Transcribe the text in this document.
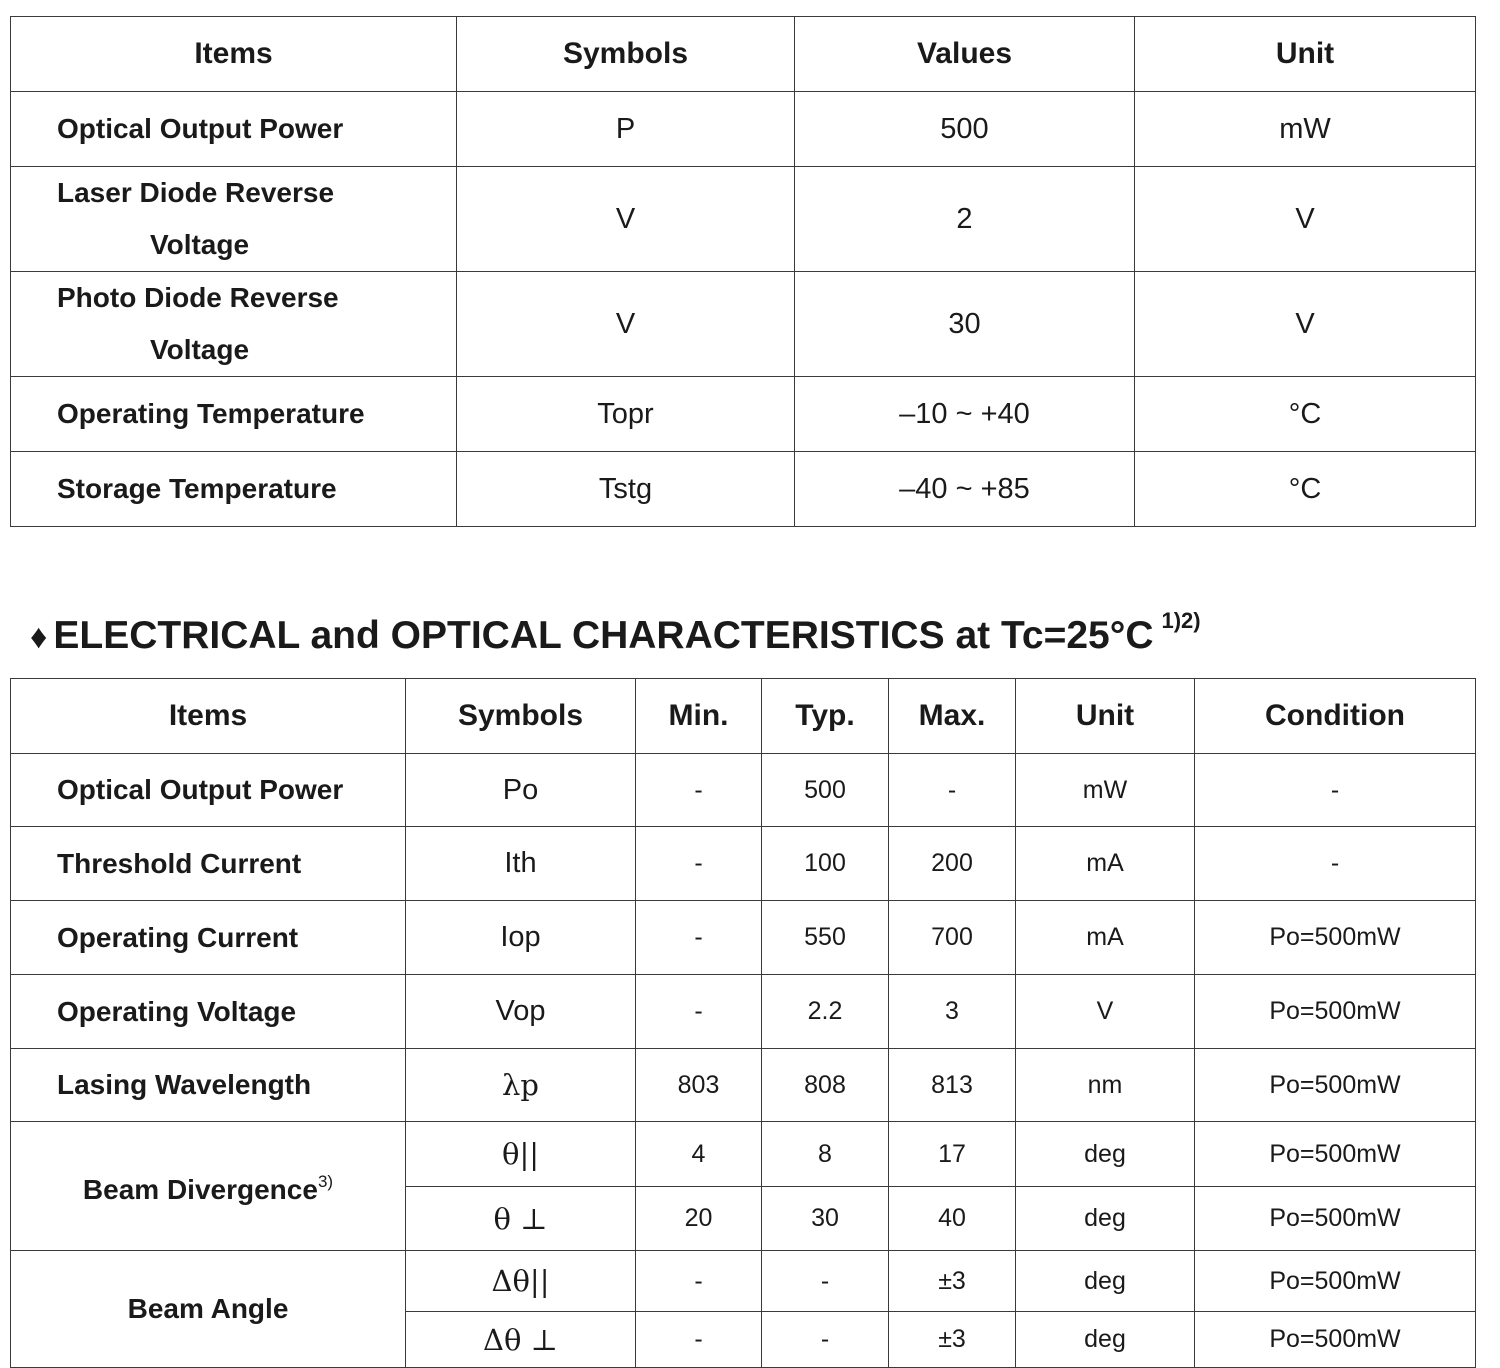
Items	Symbols	Values	Unit
Optical Output Power	P	500	mW
Laser Diode Reverse
Voltage	V	2	V
Photo Diode Reverse
Voltage	V	30	V
Operating Temperature	Topr	–10 ~ +40	°C
Storage Temperature	Tstg	–40 ~ +85	°C
♦ ELECTRICAL and OPTICAL CHARACTERISTICS at Tc=25°C $^{1)2)}$
Items	Symbols	Min.	Typ.	Max.	Unit	Condition
Optical Output Power	Po	-	500	-	mW	-
Threshold Current	Ith	-	100	200	mA	-
Operating Current	Iop	-	550	700	mA	Po=500mW
Operating Voltage	Vop	-	2.2	3	V	Po=500mW
Lasing Wavelength	λp	803	808	813	nm	Po=500mW
Beam Divergence$^{3)}$	θ||	4	8	17	deg	Po=500mW
	θ ⊥	20	30	40	deg	Po=500mW
Beam Angle	Δθ||	-	-	±3	deg	Po=500mW
	Δθ ⊥	-	-	±3	deg	Po=500mW
